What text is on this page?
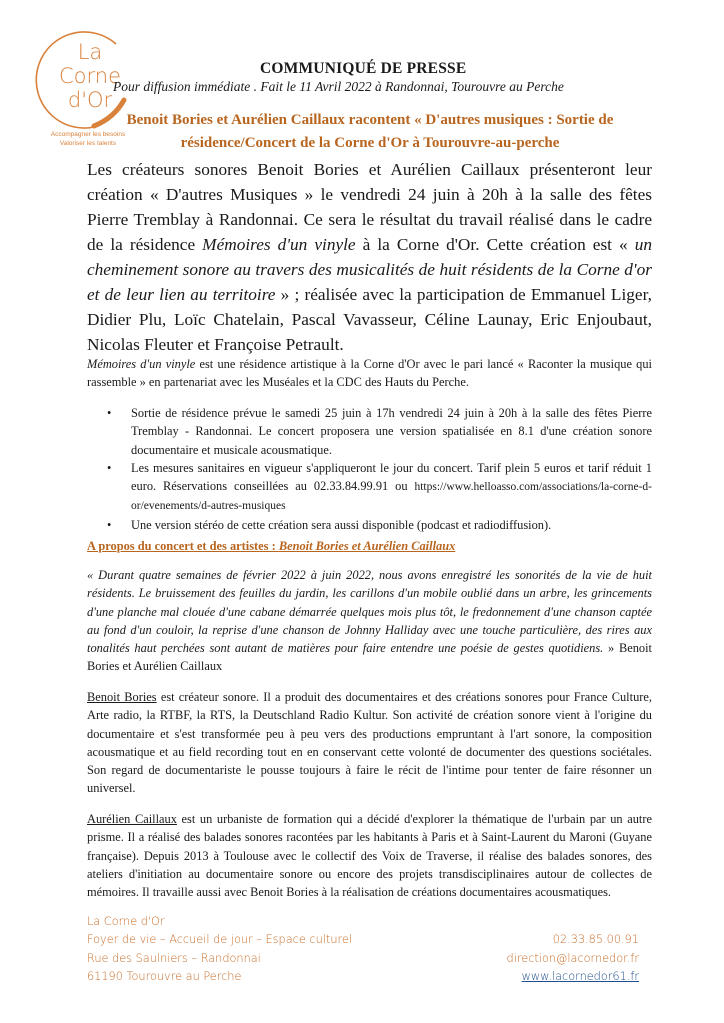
La
Corne
d'Or
Accompagner les besoins
Valoriser les talents
COMMUNIQUÉ DE PRESSE
Pour diffusion immédiate . Fait le 11 Avril 2022 à Randonnai, Tourouvre au Perche
Benoit Bories et Aurélien Caillaux racontent « D'autres musiques : Sortie de résidence/Concert de la Corne d'Or à Tourouvre-au-perche
Les créateurs sonores Benoit Bories et Aurélien Caillaux présenteront leur création « D'autres Musiques » le vendredi 24 juin à 20h à la salle des fêtes Pierre Tremblay à Randonnai. Ce sera le résultat du travail réalisé dans le cadre de la résidence Mémoires d'un vinyle à la Corne d'Or. Cette création est « un cheminement sonore au travers des musicalités de huit résidents de la Corne d'or et de leur lien au territoire » ; réalisée avec la participation de Emmanuel Liger, Didier Plu, Loïc Chatelain, Pascal Vavasseur, Céline Launay, Eric Enjoubaut, Nicolas Fleuter et Françoise Petrault.
Mémoires d'un vinyle est une résidence artistique à la Corne d'Or avec le pari lancé « Raconter la musique qui rassemble » en partenariat avec les Muséales et la CDC des Hauts du Perche.
• Sortie de résidence prévue le samedi 25 juin à 17h vendredi 24 juin à 20h à la salle des fêtes Pierre Tremblay - Randonnai. Le concert proposera une version spatialisée en 8.1 d'une création sonore documentaire et musicale acousmatique.
• Les mesures sanitaires en vigueur s'appliqueront le jour du concert. Tarif plein 5 euros et tarif réduit 1 euro. Réservations conseillées au 02.33.84.99.91 ou https://www.helloasso.com/associations/la-corne-d-or/evenements/d-autres-musiques
• Une version stéréo de cette création sera aussi disponible (podcast et radiodiffusion).
A propos du concert et des artistes : Benoit Bories et Aurélien Caillaux
« Durant quatre semaines de février 2022 à juin 2022, nous avons enregistré les sonorités de la vie de huit résidents. Le bruissement des feuilles du jardin, les carillons d'un mobile oublié dans un arbre, les grincements d'une planche mal clouée d'une cabane démarrée quelques mois plus tôt, le fredonnement d'une chanson captée au fond d'un couloir, la reprise d'une chanson de Johnny Halliday avec une touche particulière, des rires aux tonalités haut perchées sont autant de matières pour faire entendre une poésie de gestes quotidiens. » Benoit Bories et Aurélien Caillaux
Benoit Bories est créateur sonore. Il a produit des documentaires et des créations sonores pour France Culture, Arte radio, la RTBF, la RTS, la Deutschland Radio Kultur. Son activité de création sonore vient à l'origine du documentaire et s'est transformée peu à peu vers des productions empruntant à l'art sonore, la composition acousmatique et au field recording tout en en conservant cette volonté de documenter des questions sociétales. Son regard de documentariste le pousse toujours à faire le récit de l'intime pour tenter de faire résonner un universel.
Aurélien Caillaux est un urbaniste de formation qui a décidé d'explorer la thématique de l'urbain par un autre prisme. Il a réalisé des balades sonores racontées par les habitants à Paris et à Saint-Laurent du Maroni (Guyane française). Depuis 2013 à Toulouse avec le collectif des Voix de Traverse, il réalise des balades sonores, des ateliers d'initiation au documentaire sonore ou encore des projets transdisciplinaires autour de collectes de mémoires. Il travaille aussi avec Benoit Bories à la réalisation de créations documentaires acousmatiques.
La Corne d'Or
Foyer de vie – Accueil de jour – Espace culturel
Rue des Saulniers – Randonnai
61190 Tourouvre au Perche
02.33.85.00.91
direction@lacornedor.fr
www.lacornedor61.fr
